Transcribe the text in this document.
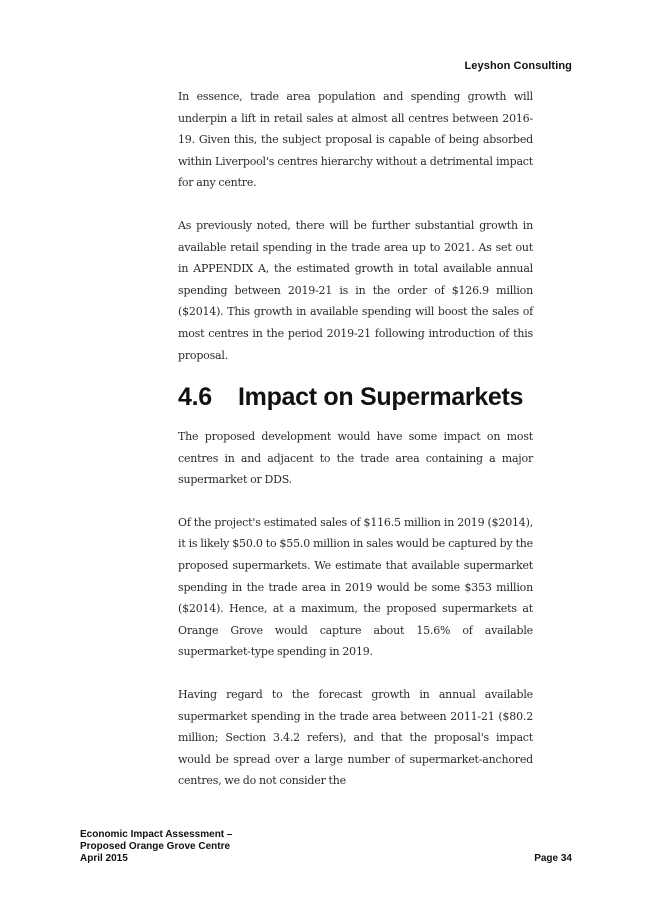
Leyshon Consulting

In essence, trade area population and spending growth will underpin a lift in retail sales at almost all centres between 2016-19. Given this, the subject proposal is capable of being absorbed within Liverpool's centres hierarchy without a detrimental impact for any centre.

As previously noted, there will be further substantial growth in available retail spending in the trade area up to 2021. As set out in APPENDIX A, the estimated growth in total available annual spending between 2019-21 is in the order of $126.9 million ($2014). This growth in available spending will boost the sales of most centres in the period 2019-21 following introduction of this proposal.

4.6 Impact on Supermarkets

The proposed development would have some impact on most centres in and adjacent to the trade area containing a major supermarket or DDS.

Of the project's estimated sales of $116.5 million in 2019 ($2014), it is likely $50.0 to $55.0 million in sales would be captured by the proposed supermarkets. We estimate that available supermarket spending in the trade area in 2019 would be some $353 million ($2014). Hence, at a maximum, the proposed supermarkets at Orange Grove would capture about 15.6% of available supermarket-type spending in 2019.

Having regard to the forecast growth in annual available supermarket spending in the trade area between 2011-21 ($80.2 million; Section 3.4.2 refers), and that the proposal's impact would be spread over a large number of supermarket-anchored centres, we do not consider the

Economic Impact Assessment –
Proposed Orange Grove Centre
April 2015	Page 34
